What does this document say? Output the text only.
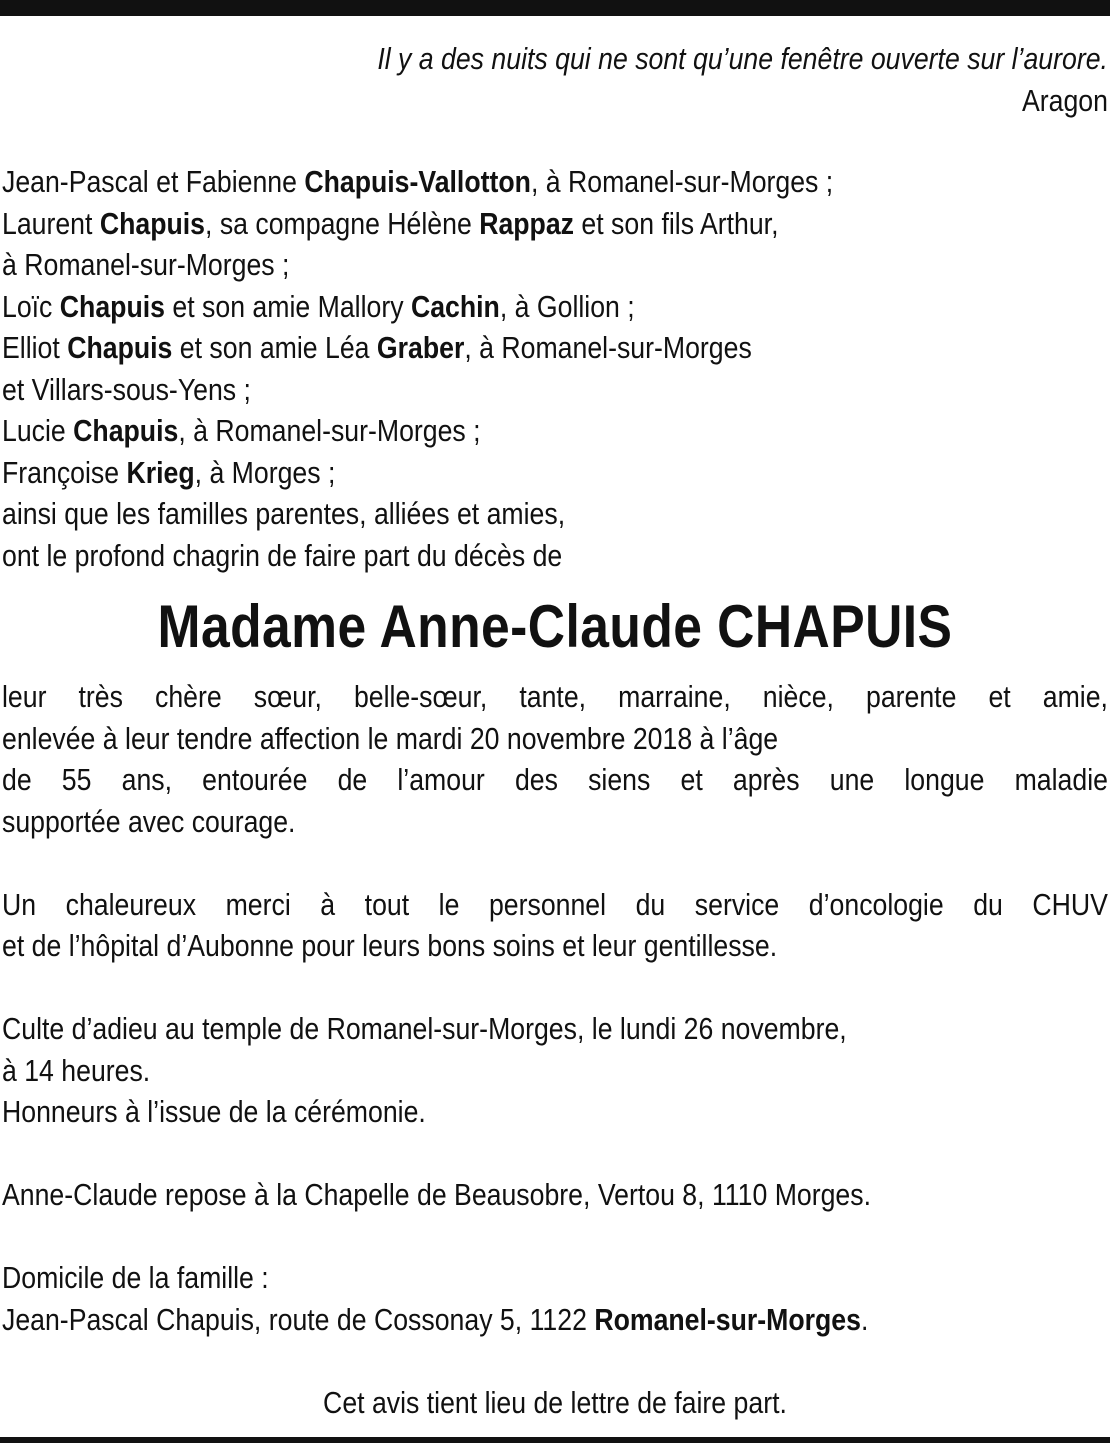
Il y a des nuits qui ne sont qu’une fenêtre ouverte sur l’aurore.

Aragon

Jean-Pascal et Fabienne Chapuis-Vallotton, à Romanel-sur-Morges ;
Laurent Chapuis, sa compagne Hélène Rappaz et son fils Arthur,
à Romanel-sur-Morges ;
Loïc Chapuis et son amie Mallory Cachin, à Gollion ;
Elliot Chapuis et son amie Léa Graber, à Romanel-sur-Morges
et Villars-sous-Yens ;
Lucie Chapuis, à Romanel-sur-Morges ;
Françoise Krieg, à Morges ;
ainsi que les familles parentes, alliées et amies,
ont le profond chagrin de faire part du décès de
Madame Anne-Claude CHAPUIS
leur très chère sœur, belle-sœur, tante, marraine, nièce, parente et amie,
enlevée à leur tendre affection le mardi 20 novembre 2018 à l’âge
de 55 ans, entourée de l’amour des siens et après une longue maladie
supportée avec courage.
Un chaleureux merci à tout le personnel du service d’oncologie du CHUV
et de l’hôpital d’Aubonne pour leurs bons soins et leur gentillesse.
Culte d’adieu au temple de Romanel-sur-Morges, le lundi 26 novembre,
à 14 heures.
Honneurs à l’issue de la cérémonie.
Anne-Claude repose à la Chapelle de Beausobre, Vertou 8, 1110 Morges.
Domicile de la famille :
Jean-Pascal Chapuis, route de Cossonay 5, 1122 Romanel-sur-Morges.
Cet avis tient lieu de lettre de faire part.
